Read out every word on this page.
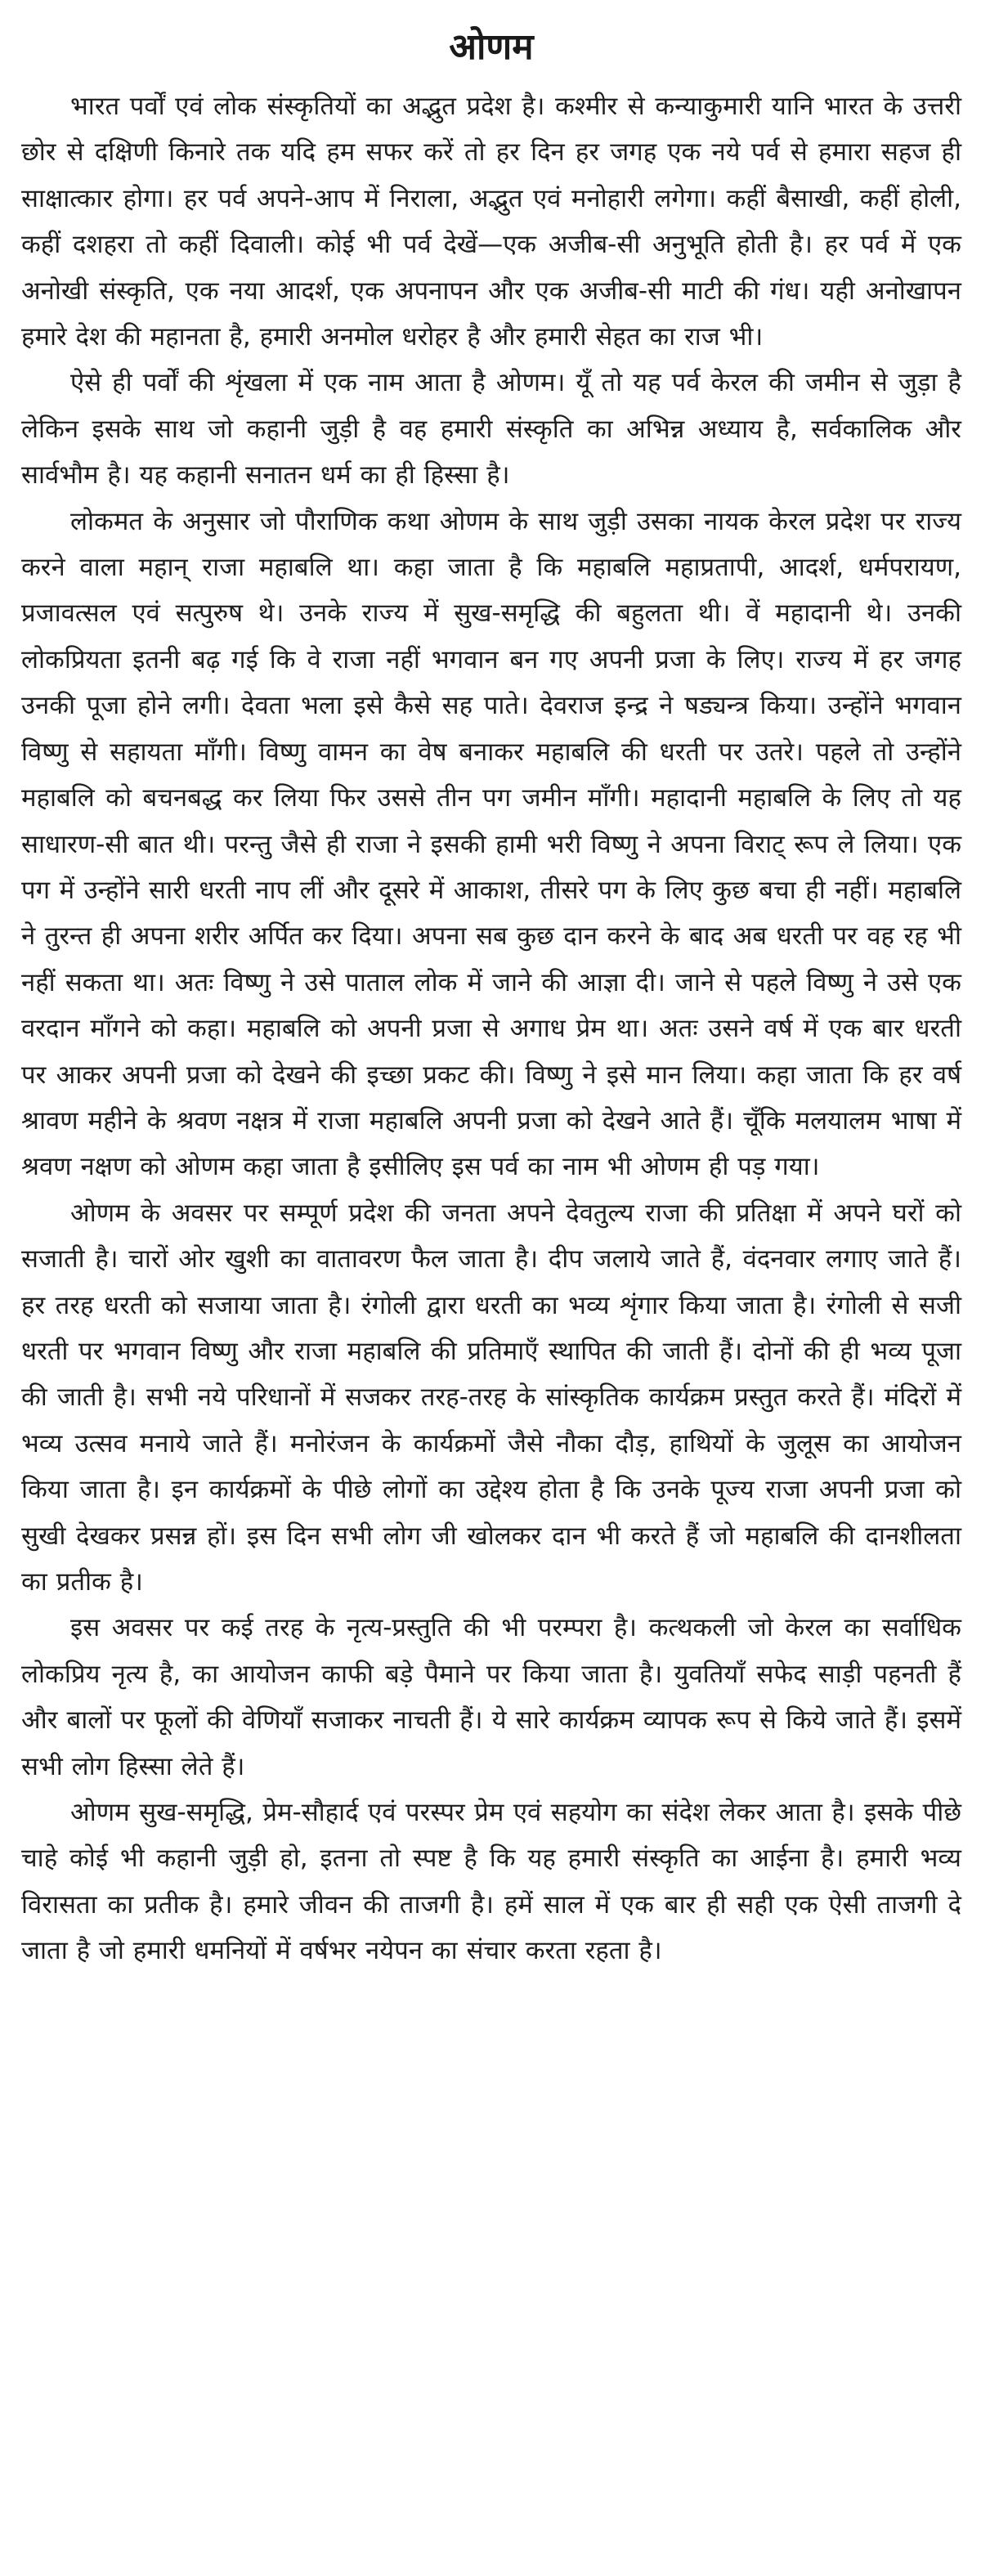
ओणम

भारत पर्वों एवं लोक संस्कृतियों का अद्भुत प्रदेश है। कश्मीर से कन्याकुमारी यानि भारत के उत्तरी छोर से दक्षिणी किनारे तक यदि हम सफर करें तो हर दिन हर जगह एक नये पर्व से हमारा सहज ही साक्षात्कार होगा। हर पर्व अपने-आप में निराला, अद्भुत एवं मनोहारी लगेगा। कहीं बैसाखी, कहीं होली, कहीं दशहरा तो कहीं दिवाली। कोई भी पर्व देखें—एक अजीब-सी अनुभूति होती है। हर पर्व में एक अनोखी संस्कृति, एक नया आदर्श, एक अपनापन और एक अजीब-सी माटी की गंध। यही अनोखापन हमारे देश की महानता है, हमारी अनमोल धरोहर है और हमारी सेहत का राज भी।

ऐसे ही पर्वों की शृंखला में एक नाम आता है ओणम। यूँ तो यह पर्व केरल की जमीन से जुड़ा है लेकिन इसके साथ जो कहानी जुड़ी है वह हमारी संस्कृति का अभिन्न अध्याय है, सर्वकालिक और सार्वभौम है। यह कहानी सनातन धर्म का ही हिस्सा है।

लोकमत के अनुसार जो पौराणिक कथा ओणम के साथ जुड़ी उसका नायक केरल प्रदेश पर राज्य करने वाला महान् राजा महाबलि था। कहा जाता है कि महाबलि महाप्रतापी, आदर्श, धर्मपरायण, प्रजावत्सल एवं सत्पुरुष थे। उनके राज्य में सुख-समृद्धि की बहुलता थी। वें महादानी थे। उनकी लोकप्रियता इतनी बढ़ गई कि वे राजा नहीं भगवान बन गए अपनी प्रजा के लिए। राज्य में हर जगह उनकी पूजा होने लगी। देवता भला इसे कैसे सह पाते। देवराज इन्द्र ने षड्यन्त्र किया। उन्होंने भगवान विष्णु से सहायता माँगी। विष्णु वामन का वेष बनाकर महाबलि की धरती पर उतरे। पहले तो उन्होंने महाबलि को बचनबद्ध कर लिया फिर उससे तीन पग जमीन माँगी। महादानी महाबलि के लिए तो यह साधारण-सी बात थी। परन्तु जैसे ही राजा ने इसकी हामी भरी विष्णु ने अपना विराट् रूप ले लिया। एक पग में उन्होंने सारी धरती नाप लीं और दूसरे में आकाश, तीसरे पग के लिए कुछ बचा ही नहीं। महाबलि ने तुरन्त ही अपना शरीर अर्पित कर दिया। अपना सब कुछ दान करने के बाद अब धरती पर वह रह भी नहीं सकता था। अतः विष्णु ने उसे पाताल लोक में जाने की आज्ञा दी। जाने से पहले विष्णु ने उसे एक वरदान माँगने को कहा। महाबलि को अपनी प्रजा से अगाध प्रेम था। अतः उसने वर्ष में एक बार धरती पर आकर अपनी प्रजा को देखने की इच्छा प्रकट की। विष्णु ने इसे मान लिया। कहा जाता कि हर वर्ष श्रावण महीने के श्रवण नक्षत्र में राजा महाबलि अपनी प्रजा को देखने आते हैं। चूँकि मलयालम भाषा में श्रवण नक्षण को ओणम कहा जाता है इसीलिए इस पर्व का नाम भी ओणम ही पड़ गया।

ओणम के अवसर पर सम्पूर्ण प्रदेश की जनता अपने देवतुल्य राजा की प्रतिक्षा में अपने घरों को सजाती है। चारों ओर खुशी का वातावरण फैल जाता है। दीप जलाये जाते हैं, वंदनवार लगाए जाते हैं। हर तरह धरती को सजाया जाता है। रंगोली द्वारा धरती का भव्य शृंगार किया जाता है। रंगोली से सजी धरती पर भगवान विष्णु और राजा महाबलि की प्रतिमाएँ स्थापित की जाती हैं। दोनों की ही भव्य पूजा की जाती है। सभी नये परिधानों में सजकर तरह-तरह के सांस्कृतिक कार्यक्रम प्रस्तुत करते हैं। मंदिरों में भव्य उत्सव मनाये जाते हैं। मनोरंजन के कार्यक्रमों जैसे नौका दौड़, हाथियों के जुलूस का आयोजन किया जाता है। इन कार्यक्रमों के पीछे लोगों का उद्देश्य होता है कि उनके पूज्य राजा अपनी प्रजा को सुखी देखकर प्रसन्न हों। इस दिन सभी लोग जी खोलकर दान भी करते हैं जो महाबलि की दानशीलता का प्रतीक है।

इस अवसर पर कई तरह के नृत्य-प्रस्तुति की भी परम्परा है। कत्थकली जो केरल का सर्वाधिक लोकप्रिय नृत्य है, का आयोजन काफी बड़े पैमाने पर किया जाता है। युवतियाँ सफेद साड़ी पहनती हैं और बालों पर फूलों की वेणियाँ सजाकर नाचती हैं। ये सारे कार्यक्रम व्यापक रूप से किये जाते हैं। इसमें सभी लोग हिस्सा लेते हैं।

ओणम सुख-समृद्धि, प्रेम-सौहार्द एवं परस्पर प्रेम एवं सहयोग का संदेश लेकर आता है। इसके पीछे चाहे कोई भी कहानी जुड़ी हो, इतना तो स्पष्ट है कि यह हमारी संस्कृति का आईना है। हमारी भव्य विरासता का प्रतीक है। हमारे जीवन की ताजगी है। हमें साल में एक बार ही सही एक ऐसी ताजगी दे जाता है जो हमारी धमनियों में वर्षभर नयेपन का संचार करता रहता है।
